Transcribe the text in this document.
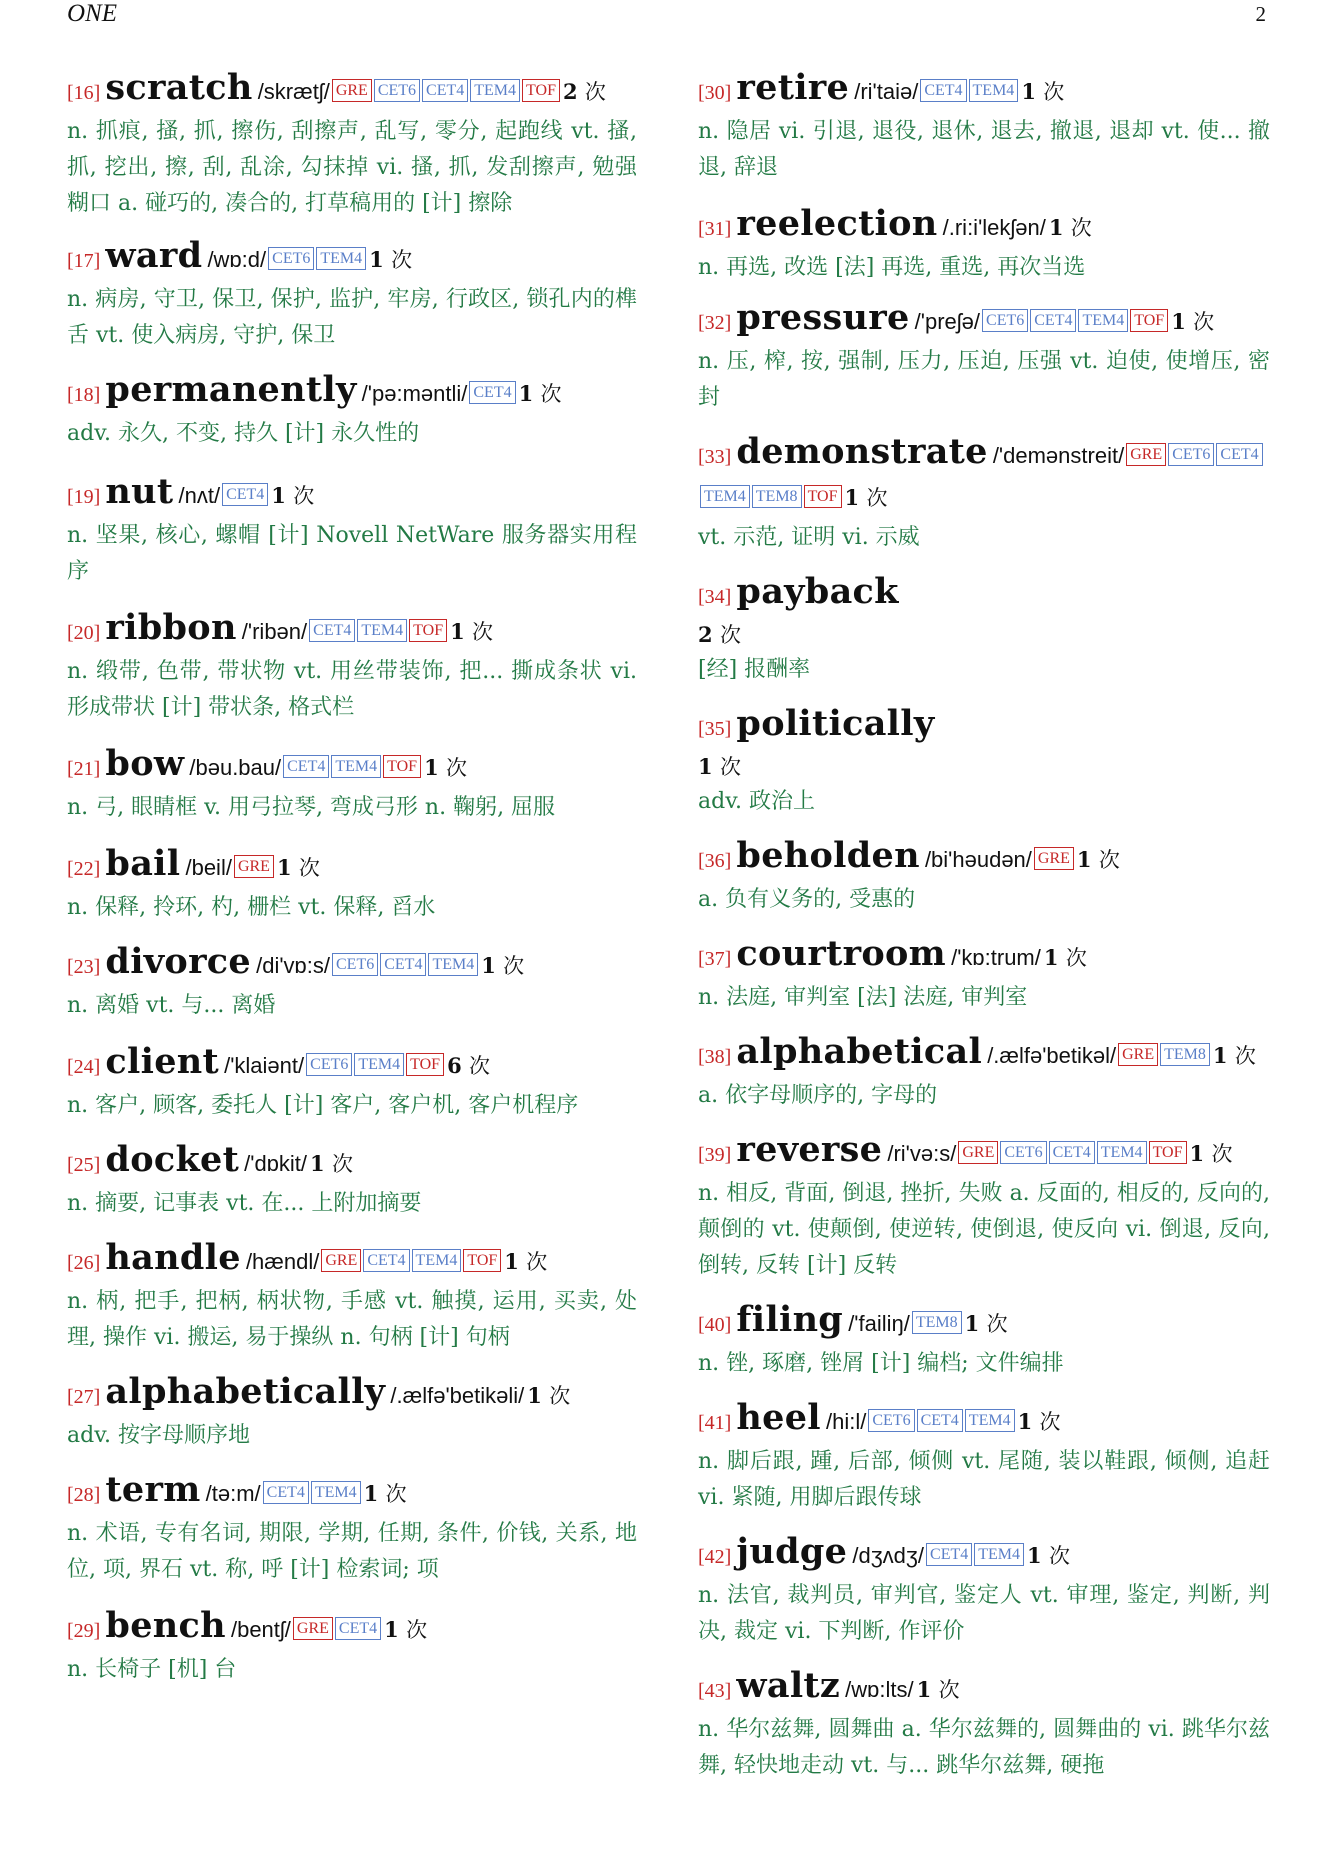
ONE	2
[16] scratch /skrætʃ/ GRE CET6 CET4 TEM4 TOF 2 次
n. 抓痕, 搔, 抓, 擦伤, 刮擦声, 乱写, 零分, 起跑线 vt. 搔, 抓, 挖出, 擦, 刮, 乱涂, 勾抹掉 vi. 搔, 抓, 发刮擦声, 勉强糊口 a. 碰巧的, 凑合的, 打草稿用的 [计] 擦除
[17] ward /wɒ:d/ CET6 TEM4 1 次
n. 病房, 守卫, 保卫, 保护, 监护, 牢房, 行政区, 锁孔内的榫舌 vt. 使入病房, 守护, 保卫
[18] permanently /'pə:məntli/ CET4 1 次
adv. 永久, 不变, 持久 [计] 永久性的
[19] nut /nʌt/ CET4 1 次
n. 坚果, 核心, 螺帽 [计] Novell NetWare 服务器实用程序
[20] ribbon /'ribən/ CET4 TEM4 TOF 1 次
n. 缎带, 色带, 带状物 vt. 用丝带装饰, 把... 撕成条状 vi. 形成带状 [计] 带状条, 格式栏
[21] bow /bəu.bau/ CET4 TEM4 TOF 1 次
n. 弓, 眼睛框 v. 用弓拉琴, 弯成弓形 n. 鞠躬, 屈服
[22] bail /beil/ GRE 1 次
n. 保释, 拎环, 杓, 栅栏 vt. 保释, 舀水
[23] divorce /di'vɒ:s/ CET6 CET4 TEM4 1 次
n. 离婚 vt. 与... 离婚
[24] client /'klaiənt/ CET6 TEM4 TOF 6 次
n. 客户, 顾客, 委托人 [计] 客户, 客户机, 客户机程序
[25] docket /'dɒkit/ 1 次
n. 摘要, 记事表 vt. 在... 上附加摘要
[26] handle /hændl/ GRE CET4 TEM4 TOF 1 次
n. 柄, 把手, 把柄, 柄状物, 手感 vt. 触摸, 运用, 买卖, 处理, 操作 vi. 搬运, 易于操纵 n. 句柄 [计] 句柄
[27] alphabetically /.ælfə'betikəli/ 1 次
adv. 按字母顺序地
[28] term /tə:m/ CET4 TEM4 1 次
n. 术语, 专有名词, 期限, 学期, 任期, 条件, 价钱, 关系, 地位, 项, 界石 vt. 称, 呼 [计] 检索词; 项
[29] bench /bentʃ/ GRE CET4 1 次
n. 长椅子 [机] 台
[30] retire /ri'taiə/ CET4 TEM4 1 次
n. 隐居 vi. 引退, 退役, 退休, 退去, 撤退, 退却 vt. 使... 撤退, 辞退
[31] reelection /.ri:i'lekʃən/ 1 次
n. 再选, 改选 [法] 再选, 重选, 再次当选
[32] pressure /'preʃə/ CET6 CET4 TEM4 TOF 1 次
n. 压, 榨, 按, 强制, 压力, 压迫, 压强 vt. 迫使, 使增压, 密封
[33] demonstrate /'demənstreit/ GRE CET6 CET4TEM4 TEM8 TOF 1 次
vt. 示范, 证明 vi. 示威
[34] payback
2 次
[经] 报酬率
[35] politically
1 次
adv. 政治上
[36] beholden /bi'həudən/ GRE 1 次
a. 负有义务的, 受惠的
[37] courtroom /'kɒ:trum/ 1 次
n. 法庭, 审判室 [法] 法庭, 审判室
[38] alphabetical /.ælfə'betikəl/ GRE TEM8 1 次
a. 依字母顺序的, 字母的
[39] reverse /ri'və:s/ GRE CET6 CET4 TEM4 TOF 1 次
n. 相反, 背面, 倒退, 挫折, 失败 a. 反面的, 相反的, 反向的, 颠倒的 vt. 使颠倒, 使逆转, 使倒退, 使反向 vi. 倒退, 反向, 倒转, 反转 [计] 反转
[40] filing /'failiŋ/ TEM8 1 次
n. 锉, 琢磨, 锉屑 [计] 编档; 文件编排
[41] heel /hi:l/ CET6 CET4 TEM4 1 次
n. 脚后跟, 踵, 后部, 倾侧 vt. 尾随, 装以鞋跟, 倾侧, 追赶 vi. 紧随, 用脚后跟传球
[42] judge /dʒʌdʒ/ CET4 TEM4 1 次
n. 法官, 裁判员, 审判官, 鉴定人 vt. 审理, 鉴定, 判断, 判决, 裁定 vi. 下判断, 作评价
[43] waltz /wɒ:lts/ 1 次
n. 华尔兹舞, 圆舞曲 a. 华尔兹舞的, 圆舞曲的 vi. 跳华尔兹舞, 轻快地走动 vt. 与... 跳华尔兹舞, 硬拖
